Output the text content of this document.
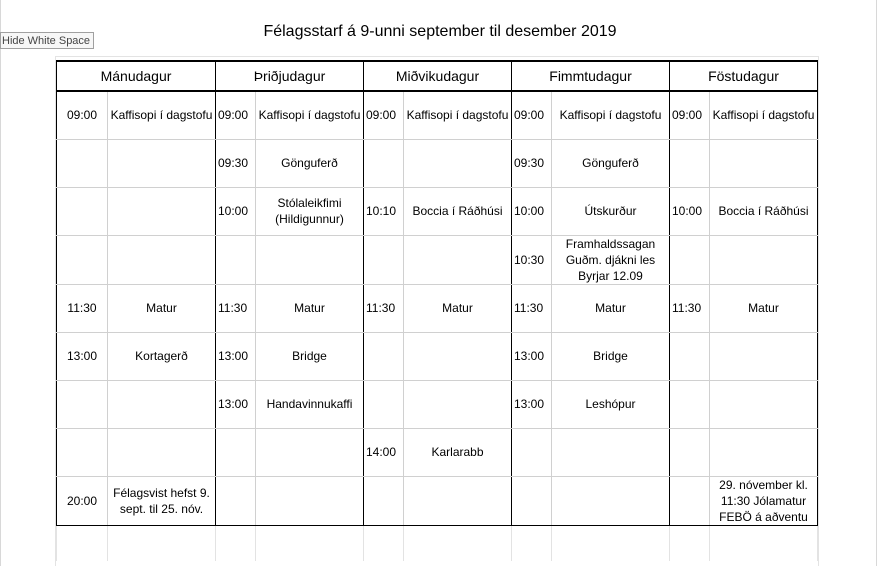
Félagsstarf á 9-unni september til desember 2019
Mánudagur		Þriðjudagur		Miðvikudagur		Fimmtudagur		Föstudagur	
09:00	Kaffisopi í dagstofu	09:00	Kaffisopi í dagstofu	09:00	Kaffisopi í dagstofu	09:00	Kaffisopi í dagstofu	09:00	Kaffisopi í dagstofu
		09:30	Gönguferð			09:30	Gönguferð		
		10:00	Stólaleikfimi (Hildigunnur)	10:10	Boccia í Ráðhúsi	10:00	Útskurður	10:00	Boccia í Ráðhúsi
						10:30	Framhaldssagan Guðm. djákni les Byrjar 12.09		
11:30	Matur	11:30	Matur	11:30	Matur	11:30	Matur	11:30	Matur
13:00	Kortagerð	13:00	Bridge			13:00	Bridge		
		13:00	Handavinnukaffi			13:00	Leshópur		
				14:00	Karlarabb				
20:00	Félagsvist hefst 9. sept. til 25. nóv.								29. nóvember kl. 11:30 Jólamatur FEBÖ á aðventu

Hide White Space
